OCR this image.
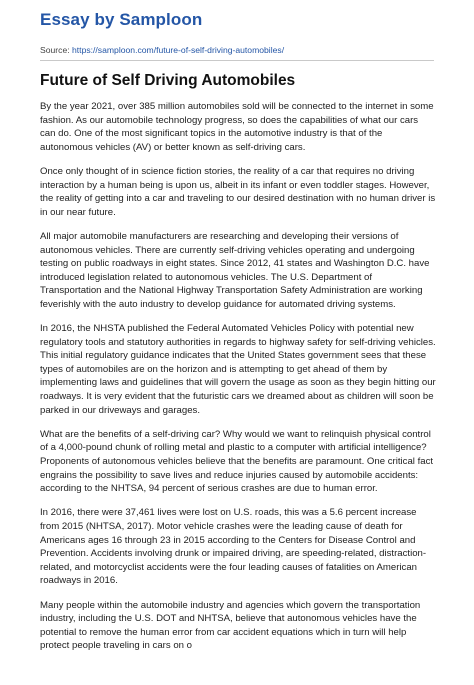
Essay by Samploon
Source: https://samploon.com/future-of-self-driving-automobiles/
Future of Self Driving Automobiles

By the year 2021, over 385 million automobiles sold will be connected to the internet in some fashion. As our automobile technology progress, so does the capabilities of what our cars can do. One of the most significant topics in the automotive industry is that of the autonomous vehicles (AV) or better known as self-driving cars.

Once only thought of in science fiction stories, the reality of a car that requires no driving interaction by a human being is upon us, albeit in its infant or even toddler stages. However, the reality of getting into a car and traveling to our desired destination with no human driver is in our near future.

All major automobile manufacturers are researching and developing their versions of autonomous vehicles. There are currently self-driving vehicles operating and undergoing testing on public roadways in eight states. Since 2012, 41 states and Washington D.C. have introduced legislation related to autonomous vehicles. The U.S. Department of Transportation and the National Highway Transportation Safety Administration are working feverishly with the auto industry to develop guidance for automated driving systems.

In 2016, the NHSTA published the Federal Automated Vehicles Policy with potential new regulatory tools and statutory authorities in regards to highway safety for self-driving vehicles. This initial regulatory guidance indicates that the United States government sees that these types of automobiles are on the horizon and is attempting to get ahead of them by implementing laws and guidelines that will govern the usage as soon as they begin hitting our roadways. It is very evident that the futuristic cars we dreamed about as children will soon be parked in our driveways and garages.

What are the benefits of a self-driving car? Why would we want to relinquish physical control of a 4,000-pound chunk of rolling metal and plastic to a computer with artificial intelligence? Proponents of autonomous vehicles believe that the benefits are paramount. One critical fact engrains the possibility to save lives and reduce injuries caused by automobile accidents: according to the NHTSA, 94 percent of serious crashes are due to human error.

In 2016, there were 37,461 lives were lost on U.S. roads, this was a 5.6 percent increase from 2015 (NHTSA, 2017). Motor vehicle crashes were the leading cause of death for Americans ages 16 through 23 in 2015 according to the Centers for Disease Control and Prevention. Accidents involving drunk or impaired driving, are speeding-related, distraction-related, and motorcyclist accidents were the four leading causes of fatalities on American roadways in 2016.

Many people within the automobile industry and agencies which govern the transportation industry, including the U.S. DOT and NHTSA, believe that autonomous vehicles have the potential to remove the human error from car accident equations which in turn will help protect people traveling in cars on o
